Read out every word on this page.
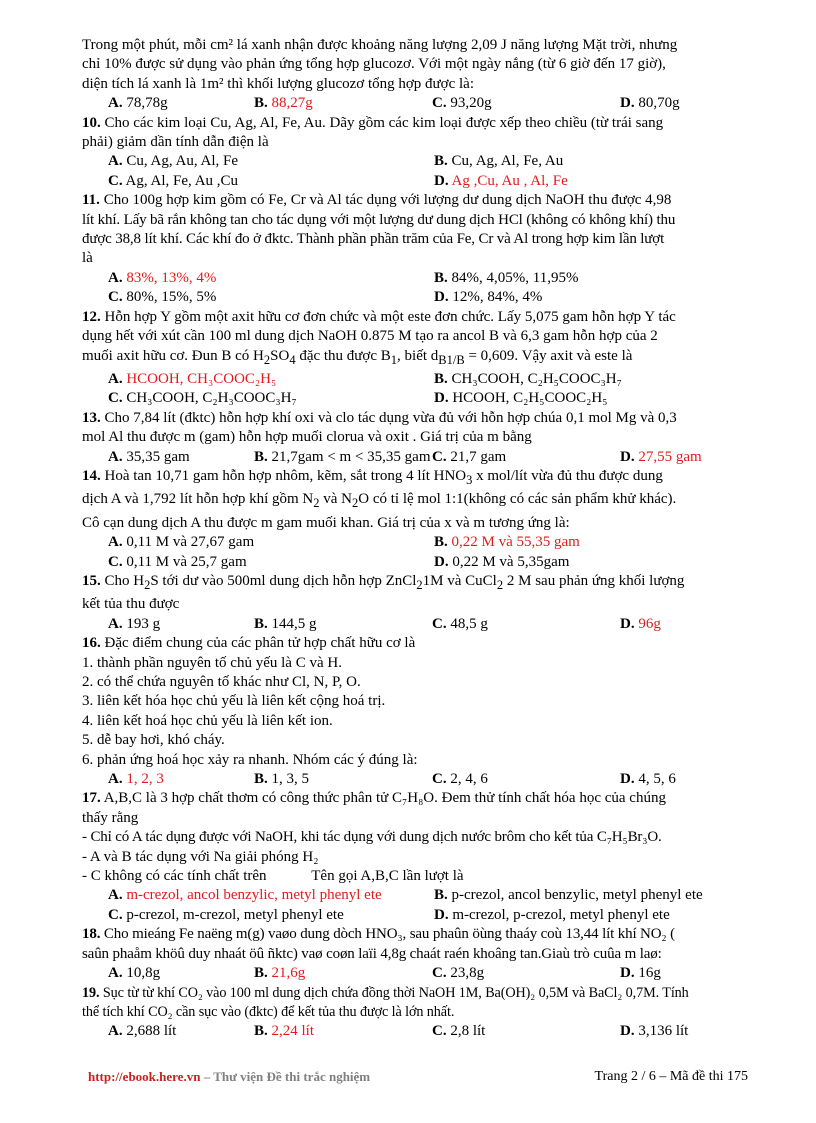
Trong một phút, mỗi cm² lá xanh nhận được khoảng năng lượng 2,09 J năng lượng Mặt trời, nhưng

chỉ 10% được sử dụng vào phản ứng tổng hợp glucozơ. Với một ngày nắng (từ 6 giờ đến 17 giờ),

diện tích lá xanh là 1m² thì khối lượng glucozơ tổng hợp được là:

A. 78,78g	B. 88,27g	C. 93,20g	D. 80,70g

10. Cho các kim loại Cu, Ag, Al, Fe, Au. Dãy gồm các kim loại được xếp theo chiều (từ trái sang

phải) giảm dần tính dẫn điện là

A. Cu, Ag, Au, Al, Fe	B. Cu, Ag, Al, Fe, Au
C. Ag, Al, Fe, Au ,Cu	D. Ag ,Cu, Au , Al, Fe

11. Cho 100g hợp kim gồm có Fe, Cr và Al tác dụng với lượng dư dung dịch NaOH thu được 4,98

lít khí. Lấy bã rắn không tan cho tác dụng với một lượng dư dung dịch HCl (không có không khí) thu

được 38,8 lít khí. Các khí đo ở đktc. Thành phần phần trăm của Fe, Cr và Al trong hợp kim lần lượt

là

A. 83%, 13%, 4%	B. 84%, 4,05%, 11,95%
C. 80%, 15%, 5%	D. 12%, 84%, 4%

12. Hỗn hợp Y gồm một axit hữu cơ đơn chức và một este đơn chức. Lấy 5,075 gam hỗn hợp Y tác

dụng hết với xút cần 100 ml dung dịch NaOH 0.875 M tạo ra ancol B và 6,3 gam hỗn hợp của 2

muối axit hữu cơ. Đun B có $H_2SO_4$ đặc thu được $B_1$, biết $d_{B1/B} = 0,609$. Vậy axit và este là

A. HCOOH, CH₃COOC₂H₅	B. CH₃COOH, C₂H₅COOC₃H₇
C. CH₃COOH, C₂H₃COOC₃H₇	D. HCOOH, C₂H₅COOC₂H₅

13. Cho 7,84 lít (đktc) hỗn hợp khí oxi và clo tác dụng vừa đủ với hỗn hợp chúa 0,1 mol Mg và 0,3

mol Al thu được m (gam) hỗn hợp muối clorua và oxit . Giá trị của m bằng

A. 35,35 gam	B. 21,7gam < m < 35,35 gam C. 21,7 gam	D. 27,55 gam

14. Hoà tan 10,71 gam hỗn hợp nhôm, kẽm, sắt trong 4 lít $HNO_3$ x mol/lít vừa đủ thu được dung

dịch A và 1,792 lít hỗn hợp khí gồm $N_2$ và $N_2O$ có tỉ lệ mol 1:1(không có các sản phẩm khử khác).

Cô cạn dung dịch A thu được m gam muối khan. Giá trị của x và m tương ứng là:

A. 0,11 M và 27,67 gam	B. 0,22 M và 55,35 gam
C. 0,11 M và 25,7 gam	D. 0,22 M và 5,35gam

15. Cho $H_2S$ tới dư vào 500ml dung dịch hỗn hợp ZnCl$_2$1M và CuCl$_2$ 2 M sau phản ứng khối lượng

kết tủa thu được

A. 193 g	B. 144,5 g	C. 48,5 g	D. 96g

16. Đặc điểm chung của các phân tử hợp chất hữu cơ là

1. thành phần nguyên tố chủ yếu là C và H.

2. có thể chứa nguyên tố khác như Cl, N, P, O.

3. liên kết hóa học chủ yếu là liên kết cộng hoá trị.

4. liên kết hoá học chủ yếu là liên kết ion.

5. dễ bay hơi, khó cháy.

6. phản ứng hoá học xảy ra nhanh. Nhóm các ý đúng là:

A. 1, 2, 3	B. 1, 3, 5	C. 2, 4, 6	D. 4, 5, 6

17. A,B,C là 3 hợp chất thơm có công thức phân tử C₇H₈O. Đem thử tính chất hóa học của chúng

thấy rằng

- Chỉ có A tác dụng được với NaOH, khi tác dụng với dung dịch nước brôm cho kết tủa C₇H₅Br₃O.

- A và B tác dụng với Na giải phóng H₂

- C không có các tính chất trên            Tên gọi A,B,C lần lượt là

A. m-crezol, ancol benzylic, metyl phenyl ete	B. p-crezol, ancol benzylic, metyl phenyl ete
C. p-crezol, m-crezol, metyl phenyl ete	D. m-crezol, p-crezol, metyl phenyl ete

18. Cho mieáng Fe naëng m(g) vaøo dung dòch HNO₃, sau phaûn öùng thaáy coù 13,44 lít khí NO₂ (

saûn phaåm khöû duy nhaát öû ñktc) vaø coøn laïi 4,8g chaát raén khoâng tan.Giaù trò cuûa m laø:

A. 10,8g	B. 21,6g	C. 23,8g	D. 16g

19. Sục từ từ khí CO₂ vào 100 ml dung dịch chứa đồng thời NaOH 1M, Ba(OH)₂ 0,5M và BaCl₂ 0,7M. Tính

thể tích khí CO₂ cần sục vào (đktc) để kết tủa thu được là lớn nhất.

A. 2,688 lít	B. 2,24 lít	C. 2,8 lít	D. 3,136 lít
http://ebook.here.vn – Thư viện Đề thi trắc nghiệm	Trang 2 / 6 – Mã đề thi 175
